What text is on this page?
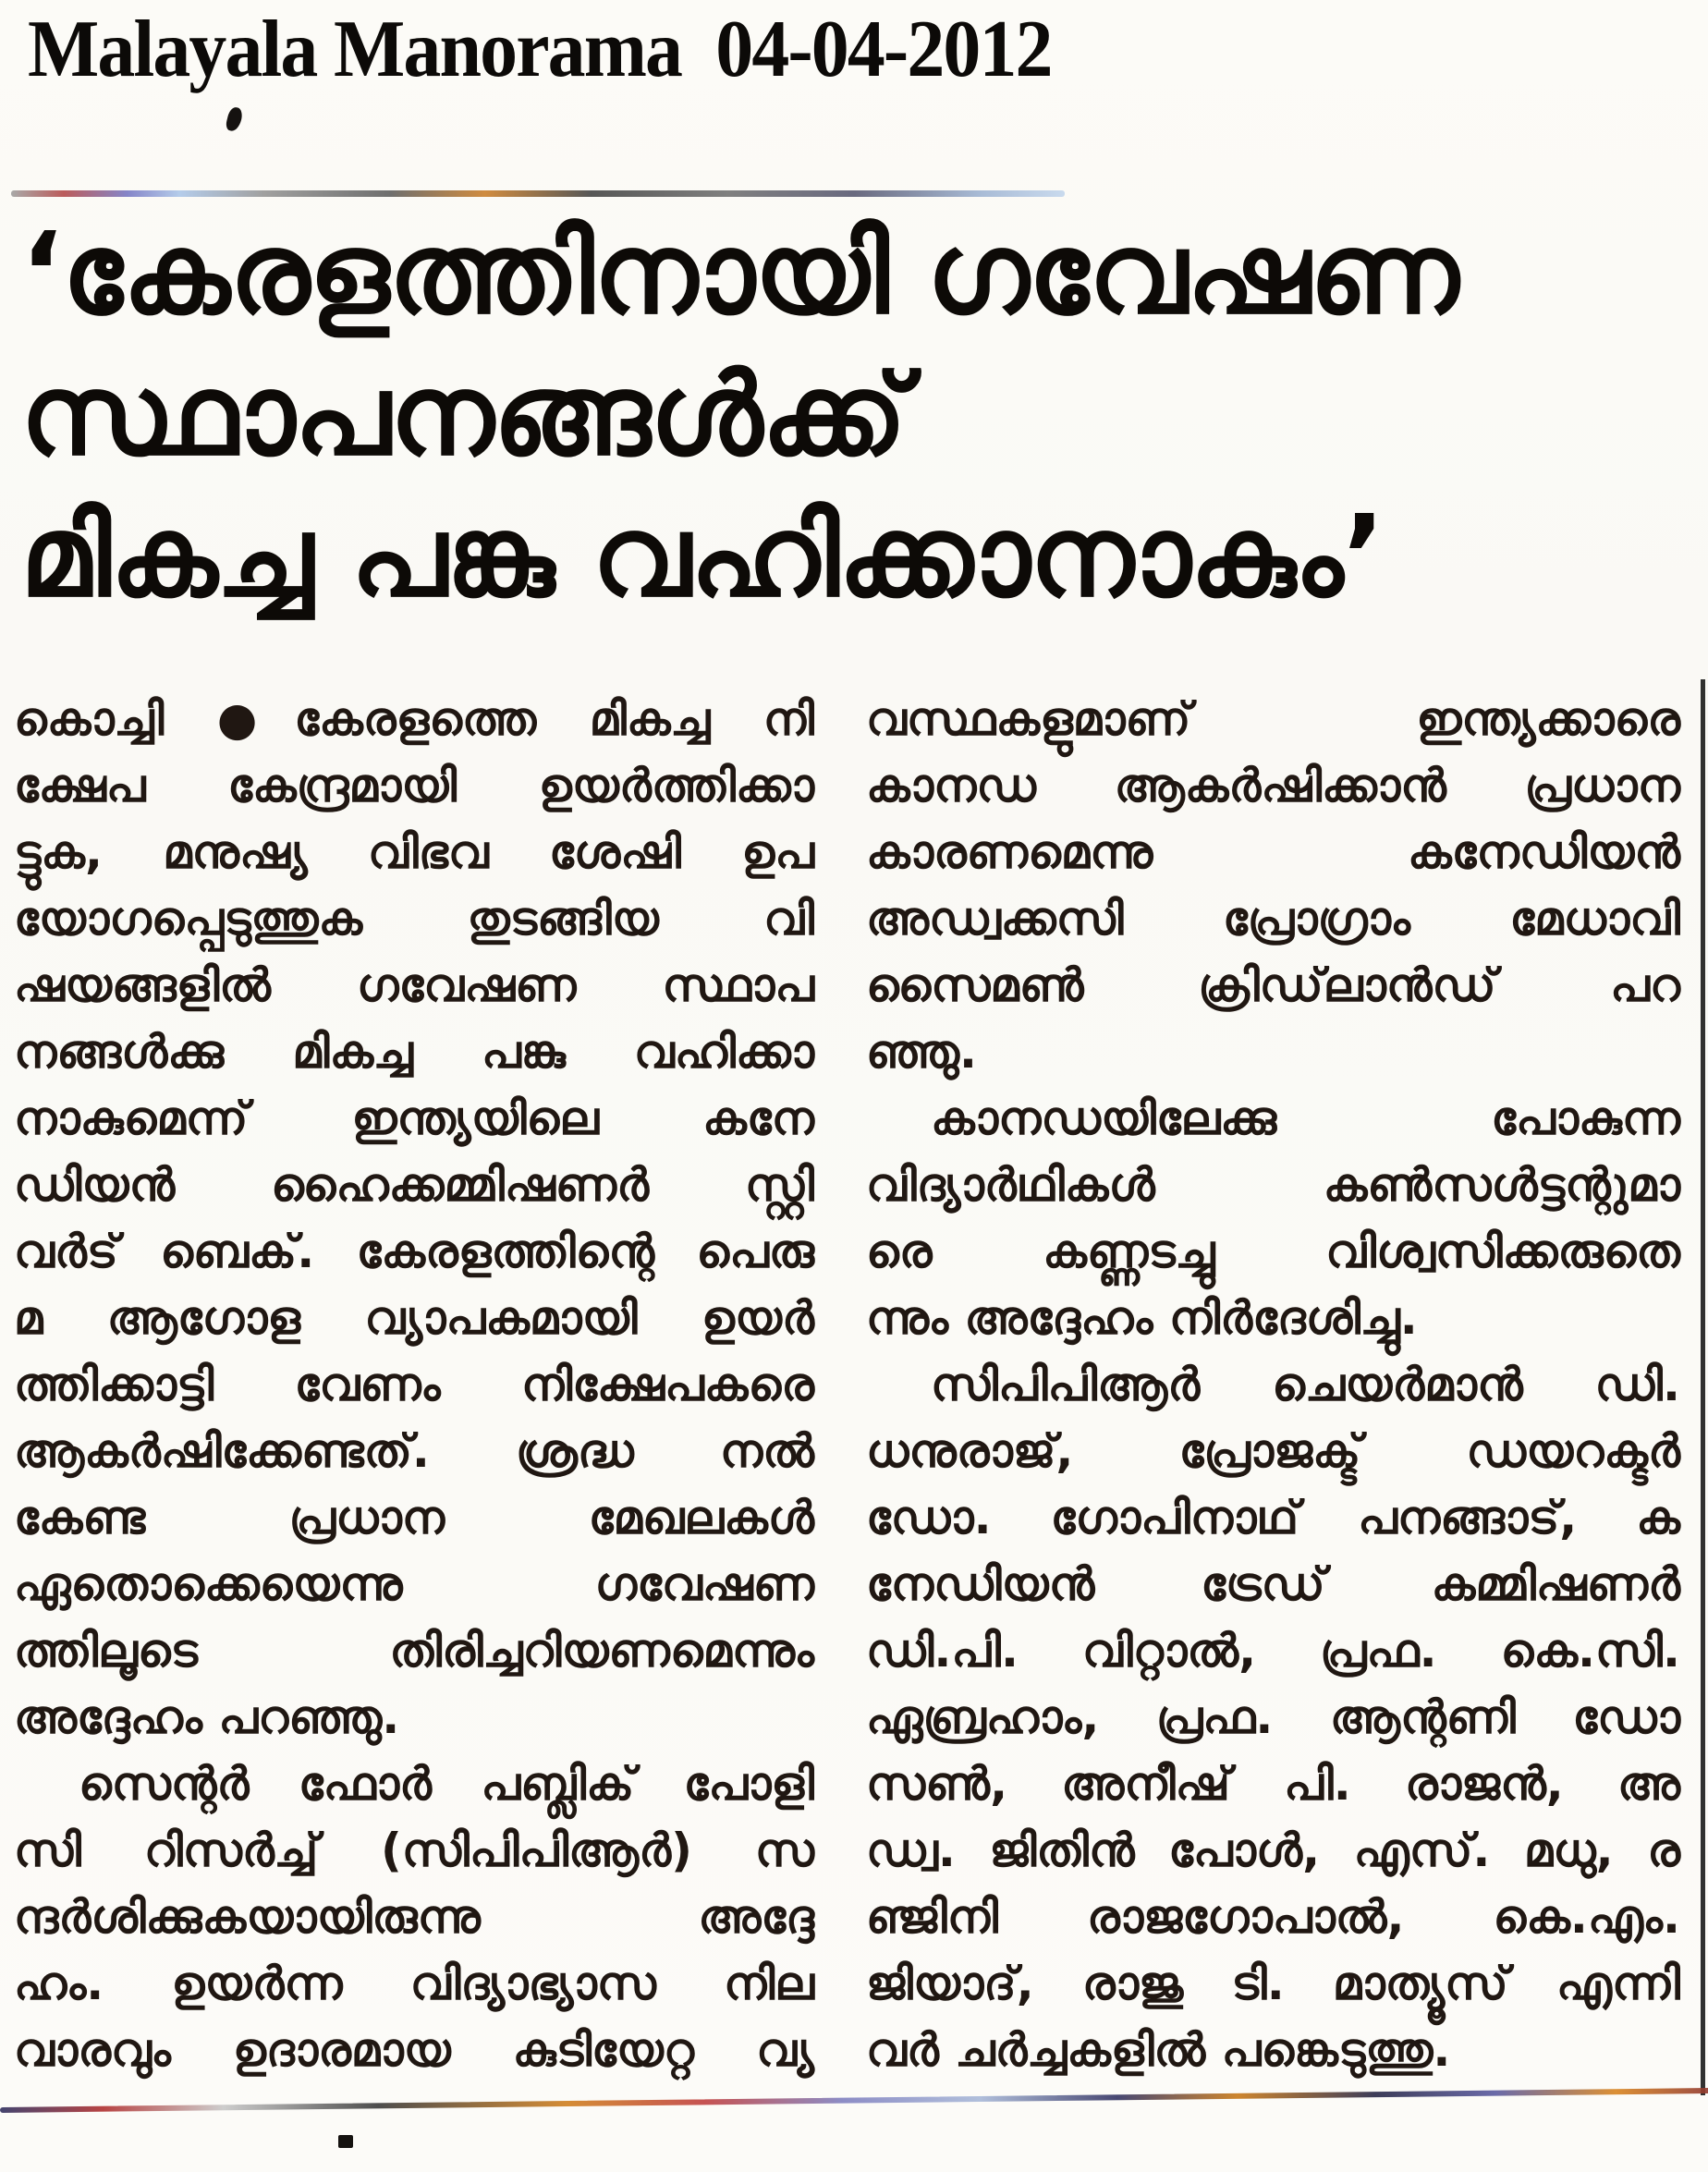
Malayala Manorama  04-04-2012
‘കേരളത്തിനായി ഗവേഷണ
സ്ഥാപനങ്ങൾക്ക്
മികച്ച പങ്കു വഹിക്കാനാകും’
കൊച്ചി ●കേരളത്തെ മികച്ച നി
ക്ഷേപ കേന്ദ്രമായി ഉയർത്തിക്കാ
ട്ടുക, മനുഷ്യ വിഭവ ശേഷി ഉപ
യോഗപ്പെടുത്തുക തുടങ്ങിയ വി
ഷയങ്ങളിൽ ഗവേഷണ സ്ഥാപ
നങ്ങൾക്കു മികച്ച പങ്കു വഹിക്കാ
നാകുമെന്ന് ഇന്ത്യയിലെ കനേ
ഡിയൻ ഹൈക്കമ്മിഷണർ സ്റ്റി
വർട് ബെക്. കേരളത്തിന്റെ പെരു
മ ആഗോള വ്യാപകമായി ഉയർ
ത്തിക്കാട്ടി വേണം നിക്ഷേപകരെ
ആകർഷിക്കേണ്ടത്. ശ്രദ്ധ നൽ
കേണ്ട പ്രധാന മേഖലകൾ
ഏതൊക്കെയെന്നു ഗവേഷണ
ത്തിലൂടെ തിരിച്ചറിയണമെന്നും
അദ്ദേഹം പറഞ്ഞു.
സെന്റർ ഫോർ പബ്ലിക് പോളി
സി റിസർച്ച് (സിപിപിആർ) സ
ന്ദർശിക്കുകയായിരുന്നു അദ്ദേ
ഹം. ഉയർന്ന വിദ്യാഭ്യാസ നില
വാരവും ഉദാരമായ കുടിയേറ്റ വ്യ
വസ്ഥകളുമാണ് ഇന്ത്യക്കാരെ
കാനഡ ആകർഷിക്കാൻ പ്രധാന
കാരണമെന്നു കനേഡിയൻ
അഡ്വക്കസി പ്രോഗ്രാം മേധാവി
സൈമൺ ക്രിഡ്‌ലാൻഡ് പറ
ഞ്ഞു.
കാനഡയിലേക്കു പോകുന്ന
വിദ്യാർഥികൾ കൺസൾട്ടന്റുമാ
രെ കണ്ണടച്ചു വിശ്വസിക്കരുതെ
ന്നും അദ്ദേഹം നിർദേശിച്ചു.
സിപിപിആർ ചെയർമാൻ ഡി.
ധനുരാജ്, പ്രോജക്ട് ഡയറക്ടർ
ഡോ. ഗോപിനാഥ് പനങ്ങാട്, ക
നേഡിയൻ ട്രേഡ് കമ്മിഷണർ
ഡി.പി. വിറ്റാൽ, പ്രഫ. കെ.സി.
ഏബ്രഹാം, പ്രഫ. ആന്റണി ഡോ
സൺ, അനീഷ് പി. രാജൻ, അ
ഡ്വ. ജിതിൻ പോൾ, എസ്. മധു, ര
ഞ്ജിനി രാജഗോപാൽ, കെ.എം.
ജിയാദ്, രാജു ടി. മാത്യൂസ് എന്നി
വർ ചർച്ചകളിൽ പങ്കെടുത്തു.
